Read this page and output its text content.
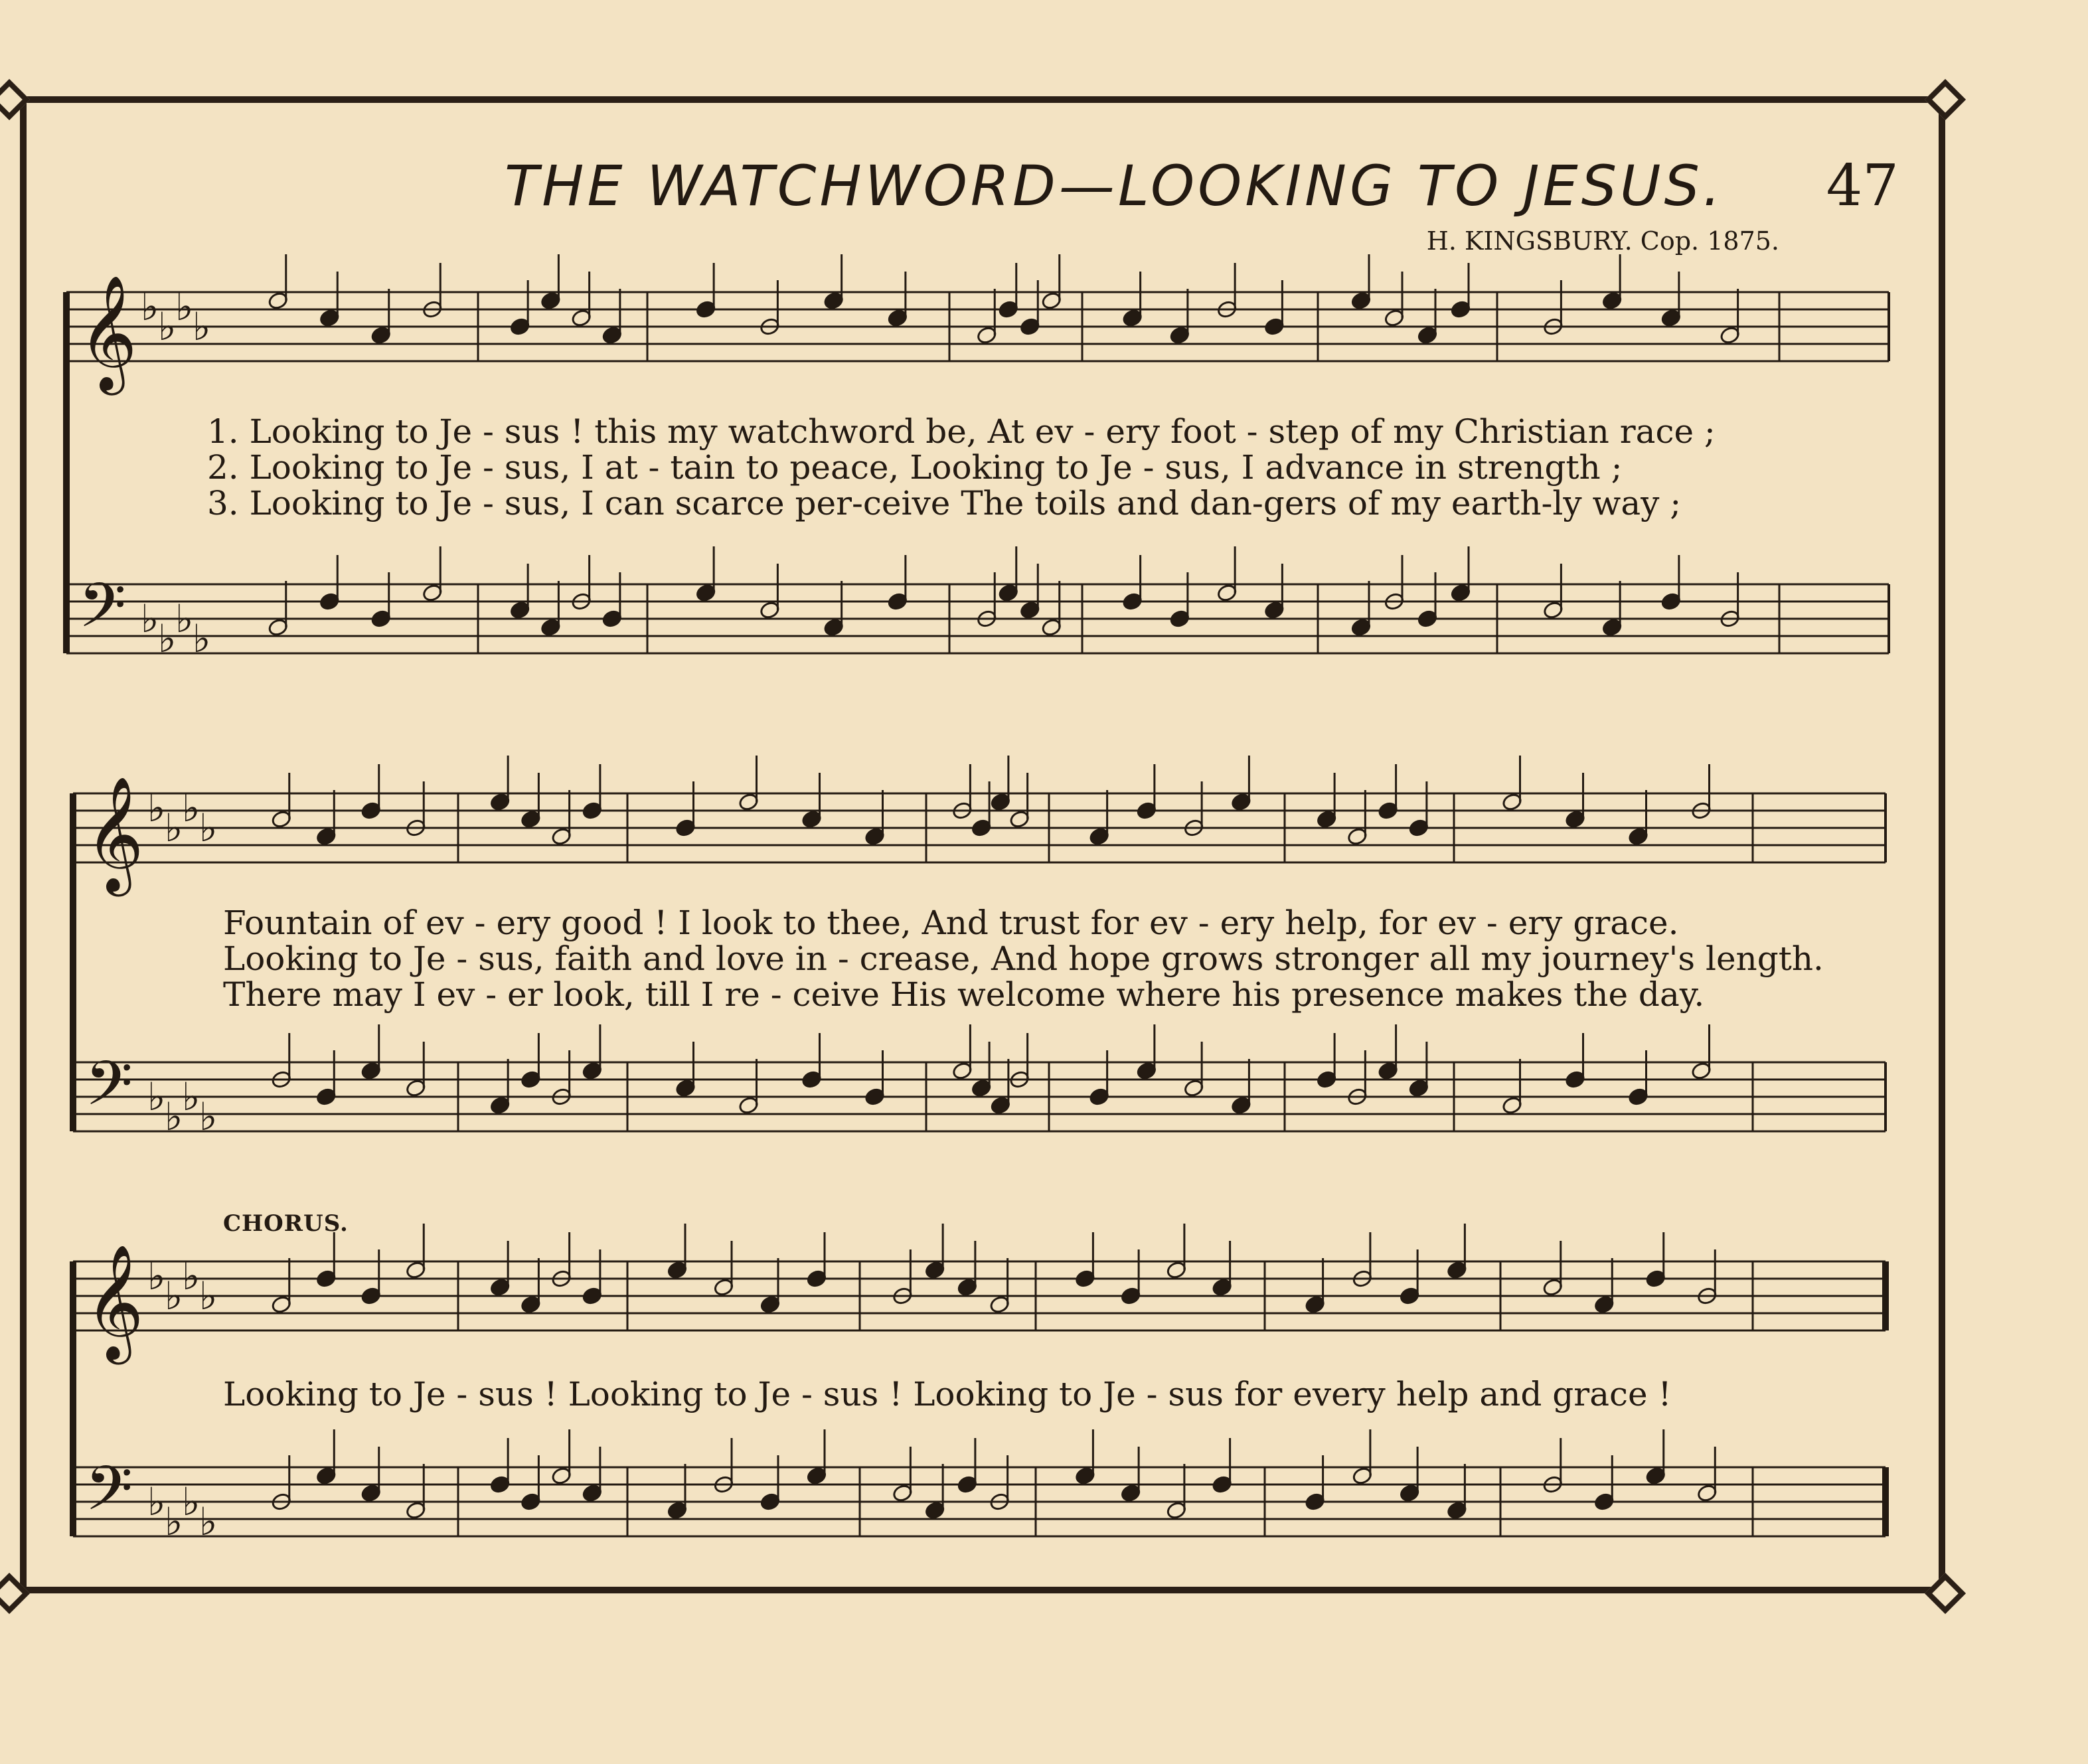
THE WATCHWORD—LOOKING TO JESUS.	47
H. KINGSBURY. Cop. 1875.
CHORUS.
𝄞 ♭
♭
♭
♭
𝄢 ♭
♭
♭
♭
𝄞 ♭
♭
♭
♭
𝄢 ♭
♭
♭
♭
𝄞 ♭
♭
♭
♭
𝄢 ♭
♭
♭
♭
1. Looking to Je - sus ! this my watchword be, At ev - ery foot - step of my Christian race ;
2. Looking to Je - sus, I at - tain to peace, Looking to Je - sus, I advance in strength ;
3. Looking to Je - sus, I can scarce per-ceive The toils and dan-gers of my earth-ly way ;
Fountain of ev - ery good ! I look to thee, And trust for ev - ery help, for ev - ery grace.
Looking to Je - sus, faith and love in - crease, And hope grows stronger all my journey's length.
There may I ev - er look, till I re - ceive His welcome where his presence makes the day.
Looking to Je - sus ! Looking to Je - sus ! Looking to Je - sus for every help and grace !
